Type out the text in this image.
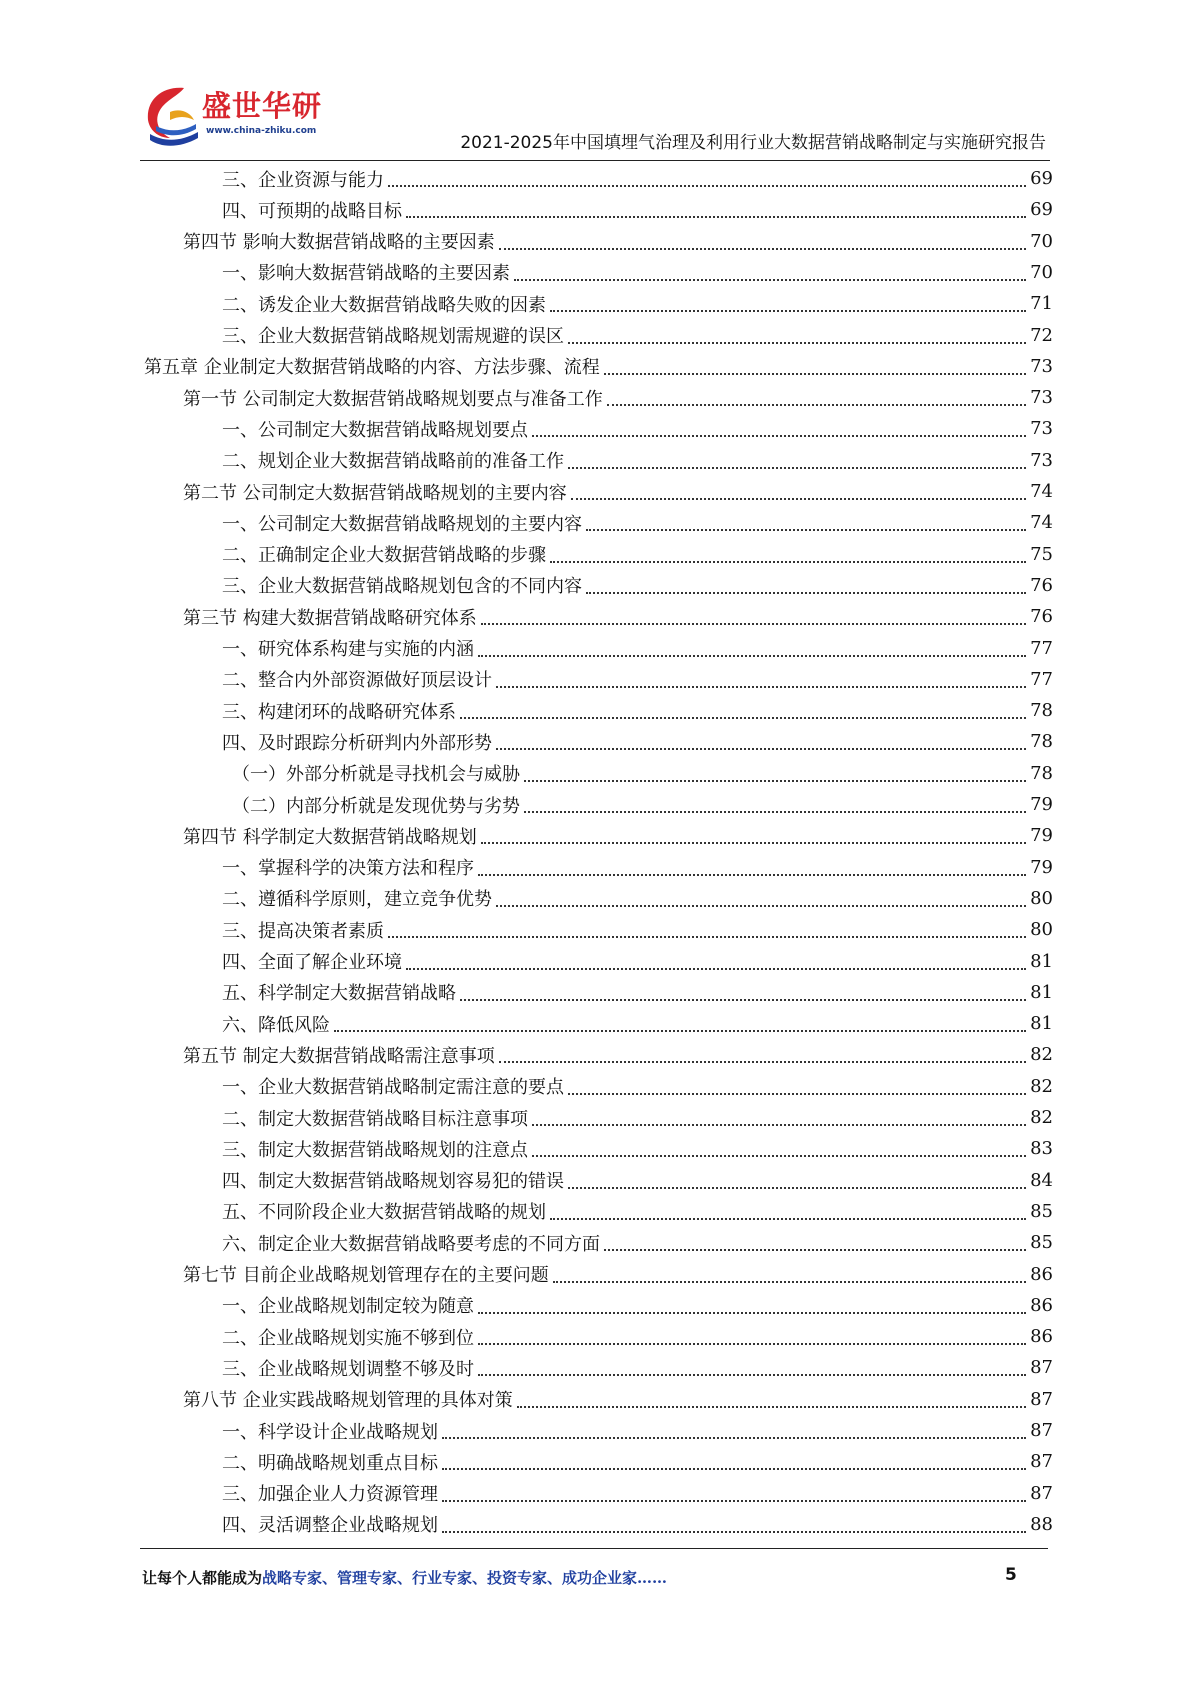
盛世华研
www.china-zhiku.com
2021-2025年中国填埋气治理及利用行业大数据营销战略制定与实施研究报告
三、企业资源与能力	69
四、可预期的战略目标	69
第四节 影响大数据营销战略的主要因素	70
一、影响大数据营销战略的主要因素	70
二、诱发企业大数据营销战略失败的因素	71
三、企业大数据营销战略规划需规避的误区	72
第五章 企业制定大数据营销战略的内容、方法步骤、流程	73
第一节 公司制定大数据营销战略规划要点与准备工作	73
一、公司制定大数据营销战略规划要点	73
二、规划企业大数据营销战略前的准备工作	73
第二节 公司制定大数据营销战略规划的主要内容	74
一、公司制定大数据营销战略规划的主要内容	74
二、正确制定企业大数据营销战略的步骤	75
三、企业大数据营销战略规划包含的不同内容	76
第三节 构建大数据营销战略研究体系	76
一、研究体系构建与实施的内涵	77
二、整合内外部资源做好顶层设计	77
三、构建闭环的战略研究体系	78
四、及时跟踪分析研判内外部形势	78
（一）外部分析就是寻找机会与威胁	78
（二）内部分析就是发现优势与劣势	79
第四节 科学制定大数据营销战略规划	79
一、掌握科学的决策方法和程序	79
二、遵循科学原则，建立竞争优势	80
三、提高决策者素质	80
四、全面了解企业环境	81
五、科学制定大数据营销战略	81
六、降低风险	81
第五节 制定大数据营销战略需注意事项	82
一、企业大数据营销战略制定需注意的要点	82
二、制定大数据营销战略目标注意事项	82
三、制定大数据营销战略规划的注意点	83
四、制定大数据营销战略规划容易犯的错误	84
五、不同阶段企业大数据营销战略的规划	85
六、制定企业大数据营销战略要考虑的不同方面	85
第七节 目前企业战略规划管理存在的主要问题	86
一、企业战略规划制定较为随意	86
二、企业战略规划实施不够到位	86
三、企业战略规划调整不够及时	87
第八节 企业实践战略规划管理的具体对策	87
一、科学设计企业战略规划	87
二、明确战略规划重点目标	87
三、加强企业人力资源管理	87
四、灵活调整企业战略规划	88
让每个人都能成为战略专家、管理专家、行业专家、投资专家、成功企业家……	5
